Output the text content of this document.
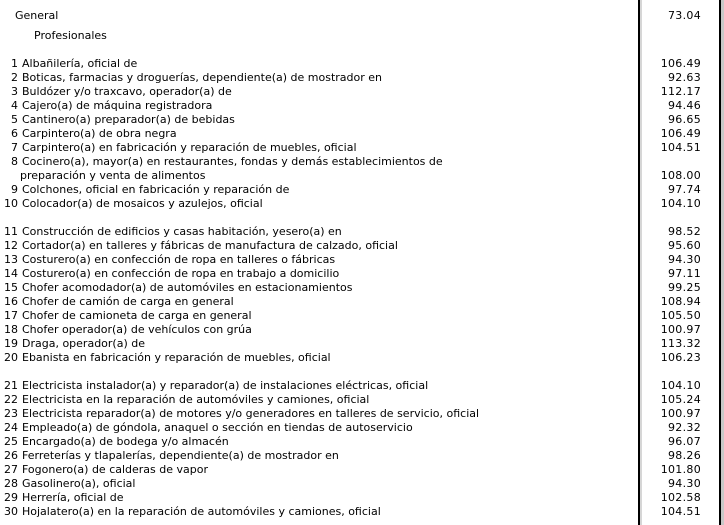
General	73.04
Profesionales
1 Albañilería, oficial de	106.49
2 Boticas, farmacias y droguerías, dependiente(a) de mostrador en	92.63
3 Buldózer y/o traxcavo, operador(a) de	112.17
4 Cajero(a) de máquina registradora	94.46
5 Cantinero(a) preparador(a) de bebidas	96.65
6 Carpintero(a) de obra negra	106.49
7 Carpintero(a) en fabricación y reparación de muebles, oficial	104.51
8 Cocinero(a), mayor(a) en restaurantes, fondas y demás establecimientos de
preparación y venta de alimentos	108.00
9 Colchones, oficial en fabricación y reparación de	97.74
10 Colocador(a) de mosaicos y azulejos, oficial	104.10
11 Construcción de edificios y casas habitación, yesero(a) en	98.52
12 Cortador(a) en talleres y fábricas de manufactura de calzado, oficial	95.60
13 Costurero(a) en confección de ropa en talleres o fábricas	94.30
14 Costurero(a) en confección de ropa en trabajo a domicilio	97.11
15 Chofer acomodador(a) de automóviles en estacionamientos	99.25
16 Chofer de camión de carga en general	108.94
17 Chofer de camioneta de carga en general	105.50
18 Chofer operador(a) de vehículos con grúa	100.97
19 Draga, operador(a) de	113.32
20 Ebanista en fabricación y reparación de muebles, oficial	106.23
21 Electricista instalador(a) y reparador(a) de instalaciones eléctricas, oficial	104.10
22 Electricista en la reparación de automóviles y camiones, oficial	105.24
23 Electricista reparador(a) de motores y/o generadores en talleres de servicio, oficial	100.97
24 Empleado(a) de góndola, anaquel o sección en tiendas de autoservicio	92.32
25 Encargado(a) de bodega y/o almacén	96.07
26 Ferreterías y tlapalerías, dependiente(a) de mostrador en	98.26
27 Fogonero(a) de calderas de vapor	101.80
28 Gasolinero(a), oficial	94.30
29 Herrería, oficial de	102.58
30 Hojalatero(a) en la reparación de automóviles y camiones, oficial	104.51
